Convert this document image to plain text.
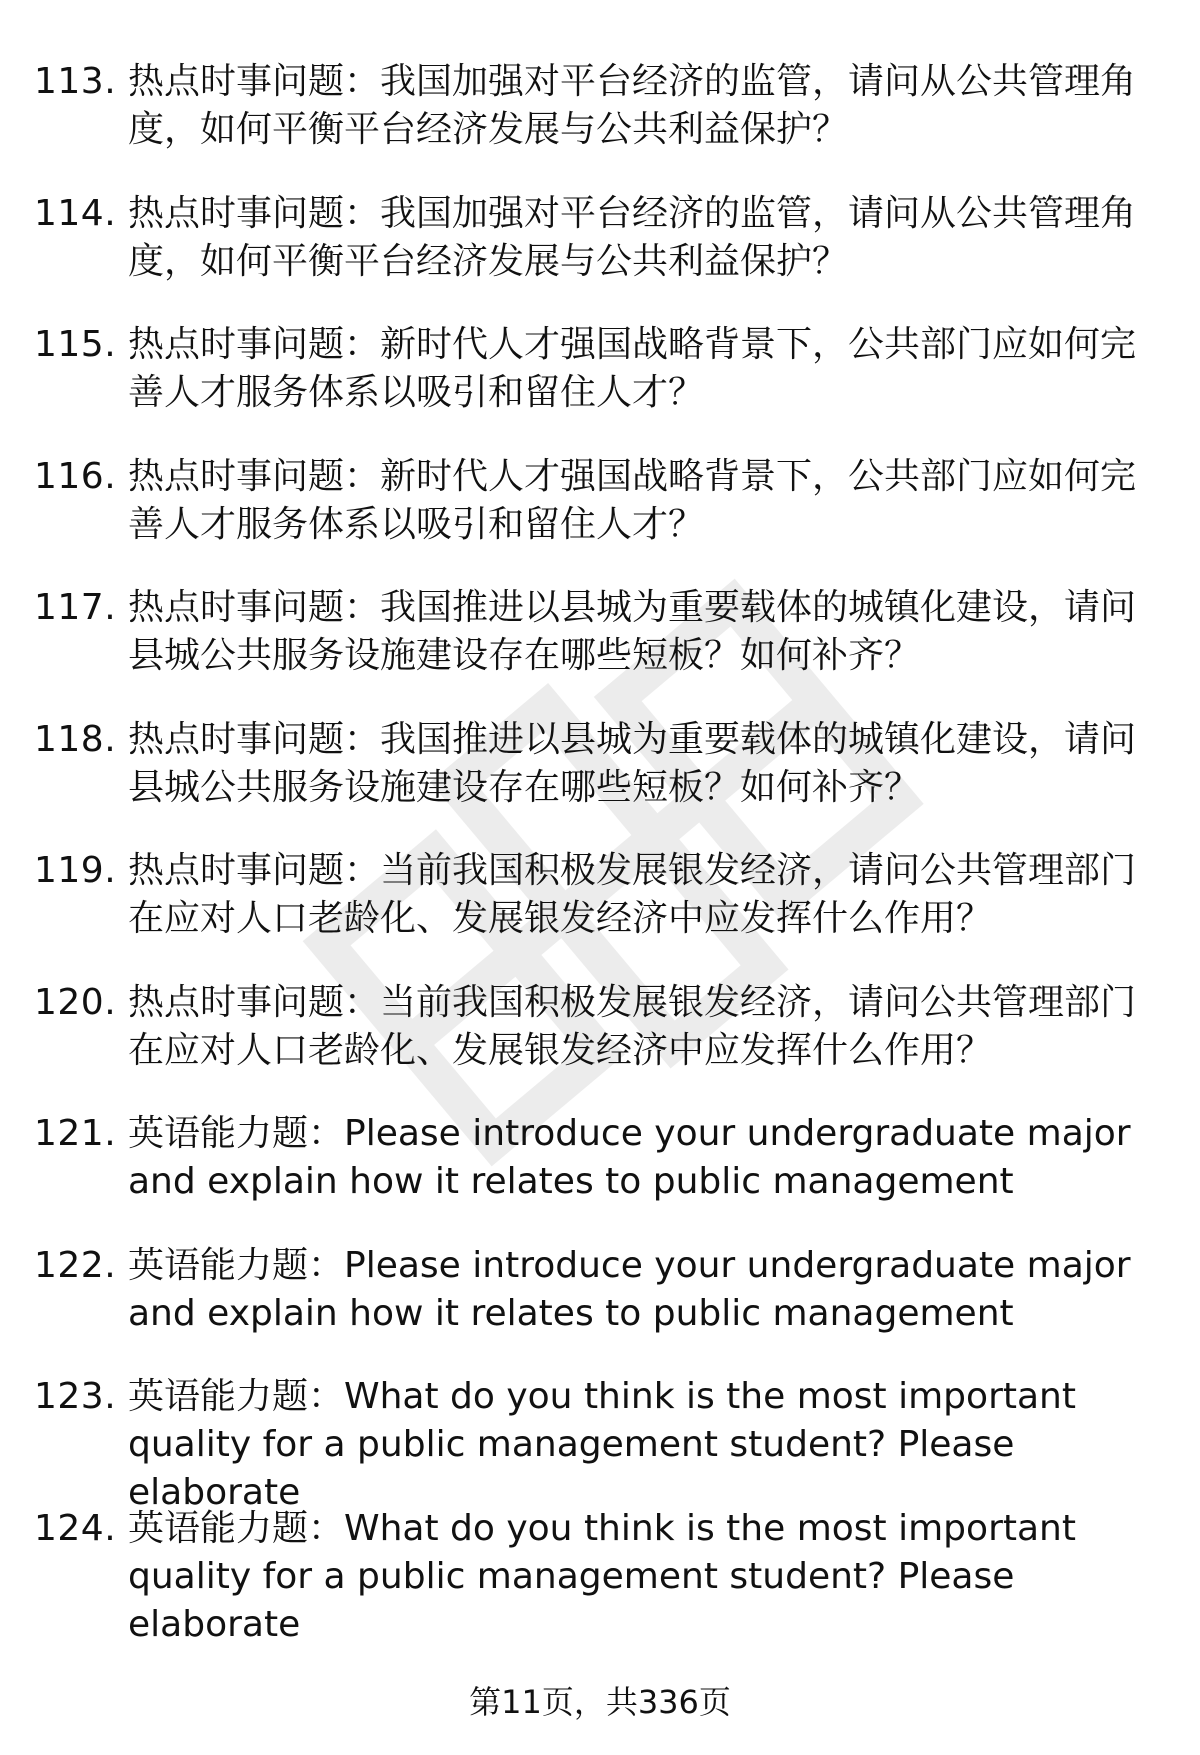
113. 热点时事问题：我国加强对平台经济的监管，请问从公共管理角
度，如何平衡平台经济发展与公共利益保护？
114. 热点时事问题：我国加强对平台经济的监管，请问从公共管理角
度，如何平衡平台经济发展与公共利益保护？
115. 热点时事问题：新时代人才强国战略背景下，公共部门应如何完
善人才服务体系以吸引和留住人才？
116. 热点时事问题：新时代人才强国战略背景下，公共部门应如何完
善人才服务体系以吸引和留住人才？
117. 热点时事问题：我国推进以县城为重要载体的城镇化建设，请问
县城公共服务设施建设存在哪些短板？如何补齐？
118. 热点时事问题：我国推进以县城为重要载体的城镇化建设，请问
县城公共服务设施建设存在哪些短板？如何补齐？
119. 热点时事问题：当前我国积极发展银发经济，请问公共管理部门
在应对人口老龄化、发展银发经济中应发挥什么作用？
120. 热点时事问题：当前我国积极发展银发经济，请问公共管理部门
在应对人口老龄化、发展银发经济中应发挥什么作用？
121. 英语能力题：Please introduce your undergraduate major
and explain how it relates to public management
122. 英语能力题：Please introduce your undergraduate major
and explain how it relates to public management
123. 英语能力题：What do you think is the most important
quality for a public management student? Please elaborate
124. 英语能力题：What do you think is the most important
quality for a public management student? Please elaborate
第11页，共336页
